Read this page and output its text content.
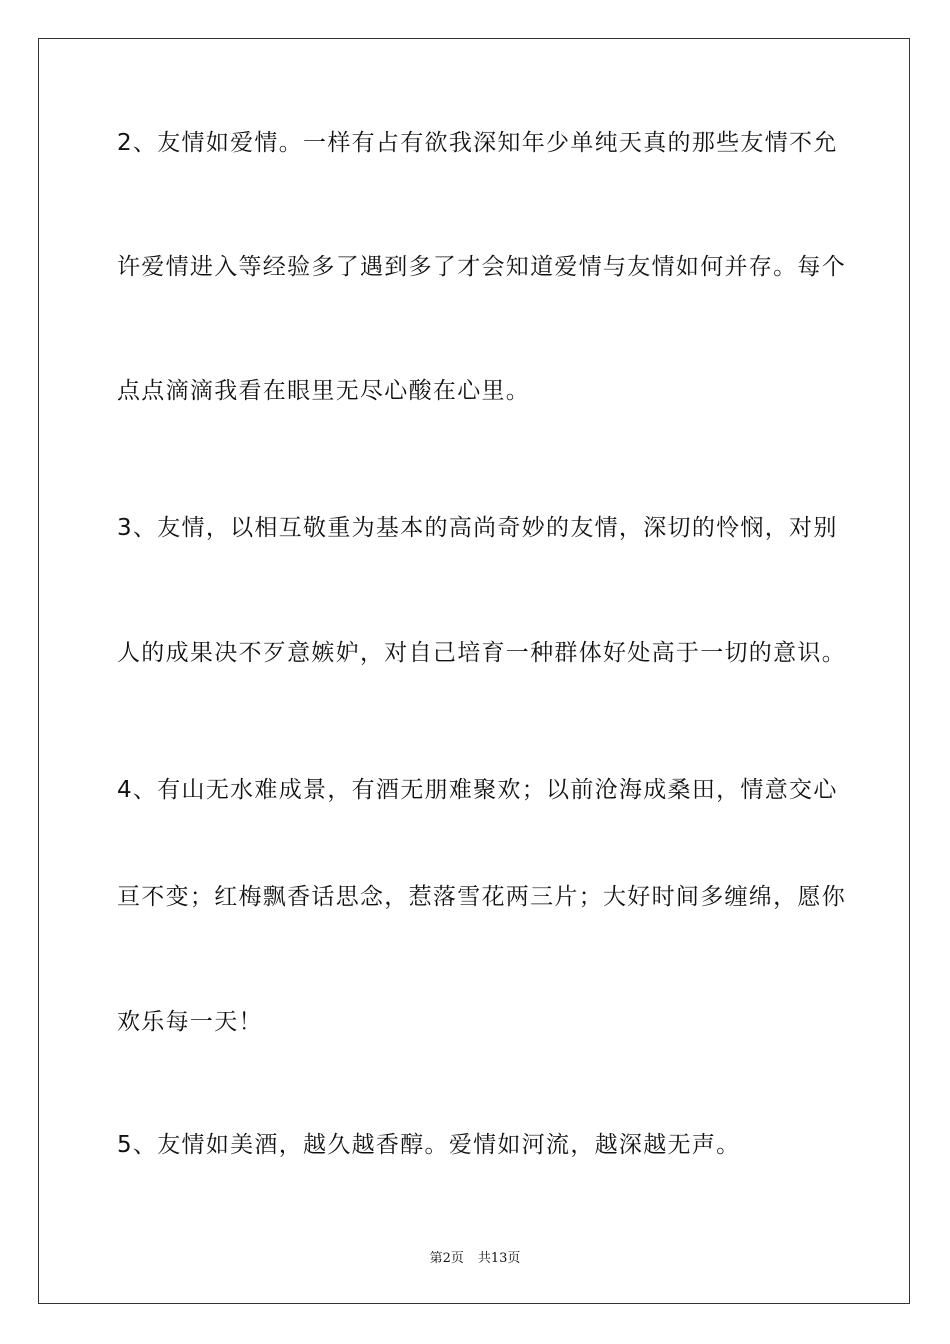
2、友情如爱情。一样有占有欲我深知年少单纯天真的那些友情不允
许爱情进入等经验多了遇到多了才会知道爱情与友情如何并存。每个
点点滴滴我看在眼里无尽心酸在心里。
3、友情，以相互敬重为基本的高尚奇妙的友情，深切的怜悯，对别
人的成果决不歹意嫉妒，对自己培育一种群体好处高于一切的意识。
4、有山无水难成景，有酒无朋难聚欢；以前沧海成桑田，情意交心
亘不变；红梅飘香话思念，惹落雪花两三片；大好时间多缠绵，愿你
欢乐每一天！
5、友情如美酒，越久越香醇。爱情如河流，越深越无声。
第2页 共13页
